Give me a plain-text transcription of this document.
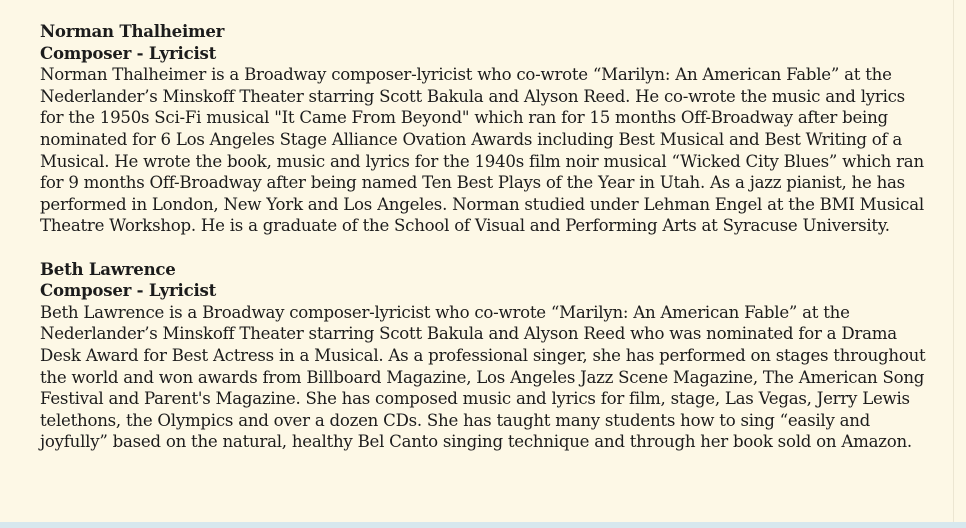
Norman Thalheimer
Composer - Lyricist
Norman Thalheimer is a Broadway composer-lyricist who co-wrote “Marilyn: An American Fable” at the Nederlander’s Minskoff Theater starring Scott Bakula and Alyson Reed. He co-wrote the music and lyrics for the 1950s Sci-Fi musical "It Came From Beyond" which ran for 15 months Off-Broadway after being nominated for 6 Los Angeles Stage Alliance Ovation Awards including Best Musical and Best Writing of a Musical. He wrote the book, music and lyrics for the 1940s film noir musical “Wicked City Blues” which ran for 9 months Off-Broadway after being named Ten Best Plays of the Year in Utah. As a jazz pianist, he has performed in London, New York and Los Angeles. Norman studied under Lehman Engel at the BMI Musical Theatre Workshop. He is a graduate of the School of Visual and Performing Arts at Syracuse University.

Beth Lawrence
Composer - Lyricist
Beth Lawrence is a Broadway composer-lyricist who co-wrote “Marilyn: An American Fable” at the Nederlander’s Minskoff Theater starring Scott Bakula and Alyson Reed who was nominated for a Drama Desk Award for Best Actress in a Musical. As a professional singer, she has performed on stages throughout the world and won awards from Billboard Magazine, Los Angeles Jazz Scene Magazine, The American Song Festival and Parent's Magazine. She has composed music and lyrics for film, stage, Las Vegas, Jerry Lewis telethons, the Olympics and over a dozen CDs. She has taught many students how to sing “easily and joyfully” based on the natural, healthy Bel Canto singing technique and through her book sold on Amazon.
